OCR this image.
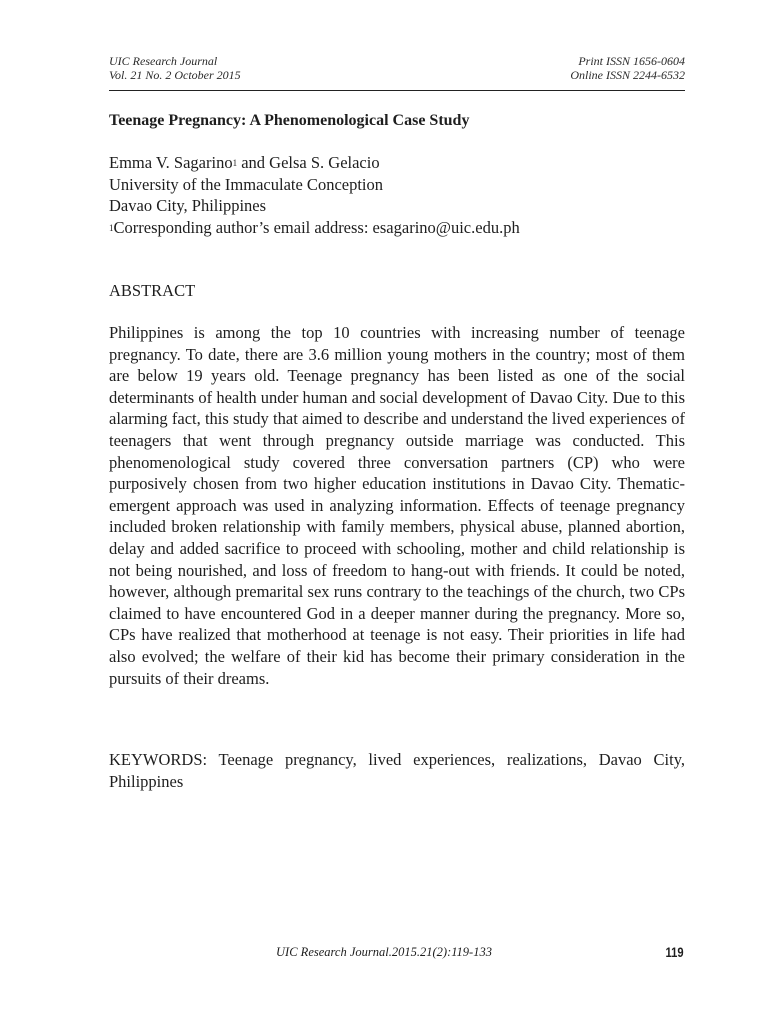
UIC Research Journal
Vol. 21 No. 2 October 2015
Print ISSN 1656-0604
Online ISSN 2244-6532
Teenage Pregnancy: A Phenomenological Case Study
Emma V. Sagarino$^1$ and Gelsa S. Gelacio
University of the Immaculate Conception
Davao City, Philippines
$^1$Corresponding author’s email address: esagarino@uic.edu.ph
ABSTRACT
Philippines is among the top 10 countries with increasing number of teenage pregnancy. To date, there are 3.6 million young mothers in the country; most of them are below 19 years old. Teenage pregnancy has been listed as one of the social determinants of health under human and social development of Davao City. Due to this alarming fact, this study that aimed to describe and understand the lived experiences of teenagers that went through pregnancy outside marriage was conducted. This phenomenological study covered three conversation partners (CP) who were purposively chosen from two higher education institutions in Davao City. Thematic-emergent approach was used in analyzing information. Effects of teenage pregnancy included broken relationship with family members, physical abuse, planned abortion, delay and added sacrifice to proceed with schooling, mother and child relationship is not being nourished, and loss of freedom to hang-out with friends. It could be noted, however, although premarital sex runs contrary to the teachings of the church, two CPs claimed to have encountered God in a deeper manner during the pregnancy. More so, CPs have realized that motherhood at teenage is not easy. Their priorities in life had also evolved; the welfare of their kid has become their primary consideration in the pursuits of their dreams.
KEYWORDS: Teenage pregnancy, lived experiences, realizations, Davao City, Philippines
UIC Research Journal.2015.21(2):119-133	119
